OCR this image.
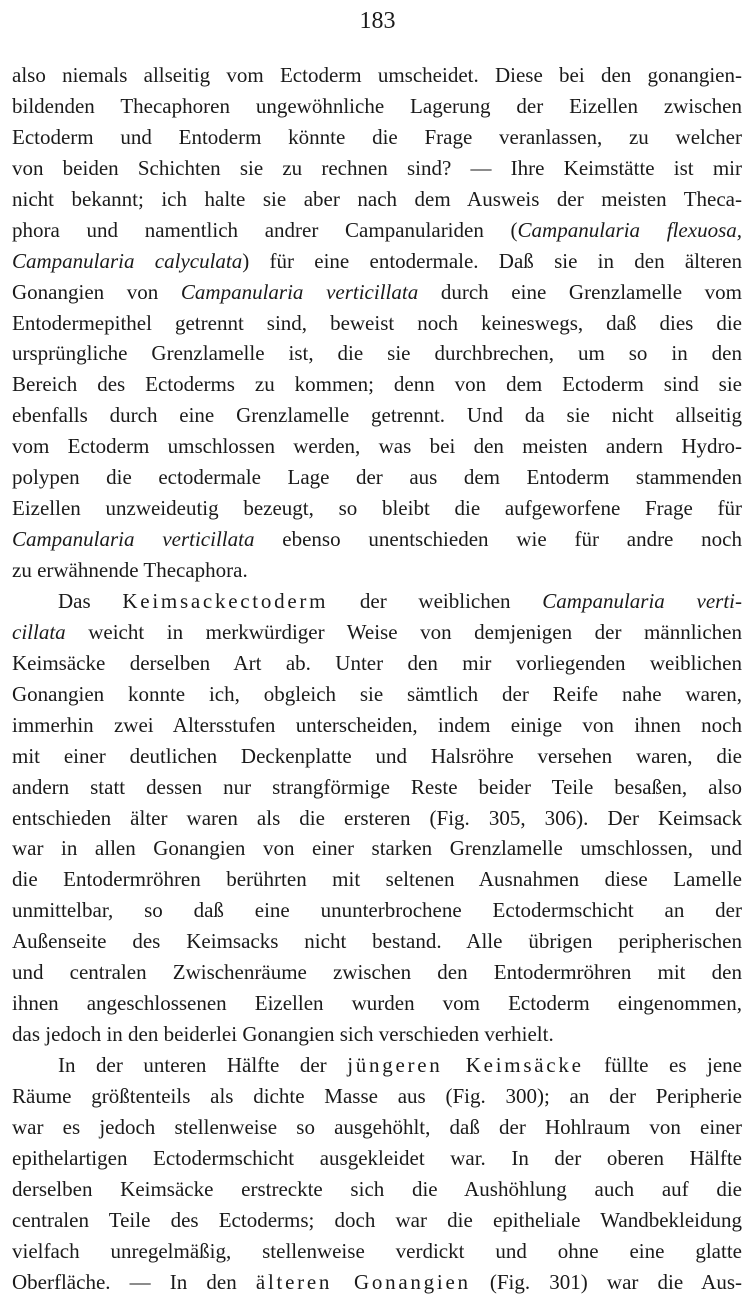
183
also niemals allseitig vom Ectoderm umscheidet. Diese bei den gonangien-
bildenden Thecaphoren ungewöhnliche Lagerung der Eizellen zwischen
Ectoderm und Entoderm könnte die Frage veranlassen, zu welcher
von beiden Schichten sie zu rechnen sind? — Ihre Keimstätte ist mir
nicht bekannt; ich halte sie aber nach dem Ausweis der meisten Theca-
phora und namentlich andrer Campanulariden (Campanularia flexuosa,
Campanularia calyculata) für eine entodermale. Daß sie in den älteren
Gonangien von Campanularia verticillata durch eine Grenzlamelle vom
Entodermepithel getrennt sind, beweist noch keineswegs, daß dies die
ursprüngliche Grenzlamelle ist, die sie durchbrechen, um so in den
Bereich des Ectoderms zu kommen; denn von dem Ectoderm sind sie
ebenfalls durch eine Grenzlamelle getrennt. Und da sie nicht allseitig
vom Ectoderm umschlossen werden, was bei den meisten andern Hydro-
polypen die ectodermale Lage der aus dem Entoderm stammenden
Eizellen unzweideutig bezeugt, so bleibt die aufgeworfene Frage für
Campanularia verticillata ebenso unentschieden wie für andre noch
zu erwähnende Thecaphora.
Das Keimsackectoderm der weiblichen Campanularia verti-
cillata weicht in merkwürdiger Weise von demjenigen der männlichen
Keimsäcke derselben Art ab. Unter den mir vorliegenden weiblichen
Gonangien konnte ich, obgleich sie sämtlich der Reife nahe waren,
immerhin zwei Altersstufen unterscheiden, indem einige von ihnen noch
mit einer deutlichen Deckenplatte und Halsröhre versehen waren, die
andern statt dessen nur strangförmige Reste beider Teile besaßen, also
entschieden älter waren als die ersteren (Fig. 305, 306). Der Keimsack
war in allen Gonangien von einer starken Grenzlamelle umschlossen, und
die Entodermröhren berührten mit seltenen Ausnahmen diese Lamelle
unmittelbar, so daß eine ununterbrochene Ectodermschicht an der
Außenseite des Keimsacks nicht bestand. Alle übrigen peripherischen
und centralen Zwischenräume zwischen den Entodermröhren mit den
ihnen angeschlossenen Eizellen wurden vom Ectoderm eingenommen,
das jedoch in den beiderlei Gonangien sich verschieden verhielt.
In der unteren Hälfte der jüngeren Keimsäcke füllte es jene
Räume größtenteils als dichte Masse aus (Fig. 300); an der Peripherie
war es jedoch stellenweise so ausgehöhlt, daß der Hohlraum von einer
epithelartigen Ectodermschicht ausgekleidet war. In der oberen Hälfte
derselben Keimsäcke erstreckte sich die Aushöhlung auch auf die
centralen Teile des Ectoderms; doch war die epitheliale Wandbekleidung
vielfach unregelmäßig, stellenweise verdickt und ohne eine glatte
Oberfläche. — In den älteren Gonangien (Fig. 301) war die Aus-
